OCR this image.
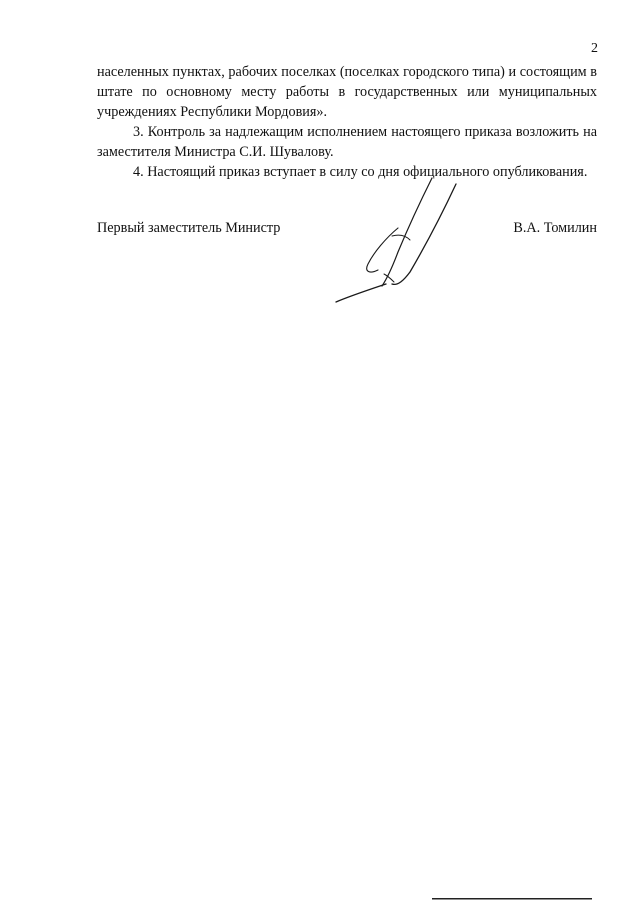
2

населенных пунктах, рабочих поселках (поселках городского типа) и состоящим в штате по основному месту работы в государственных или муниципальных учреждениях Республики Мордовия».

3. Контроль за надлежащим исполнением настоящего приказа возложить на заместителя Министра С.И. Шувалову.

4. Настоящий приказ вступает в силу со дня официального опубликования.

Первый заместитель Министр	В.А. Томилин
